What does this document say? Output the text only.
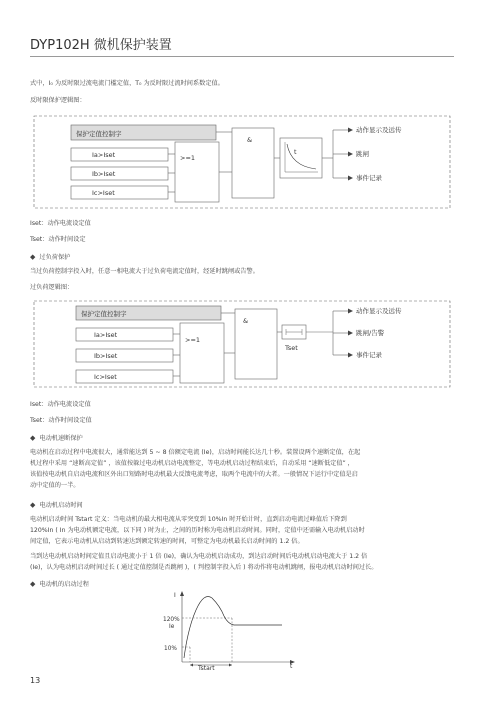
DYP102H 微机保护装置
式中，I₀ 为反时限过流电流门槛定值，T₀ 为反时限过流时间系数定值。
反时限保护逻辑图：
保护定值控制字
Ia>Iset
Ib>Iset
Ic>Iset
>=1
&
t
动作显示及远传
跳闸
事件记录
Iset：动作电流设定值
Tset：动作时间设定
◆ 过负荷保护
当过负荷控制字投入时，任意一相电流大于过负荷电流定值时，经延时跳闸或告警。
过负荷逻辑图：
保护定值控制字
Ia>Iset
Ib>Iset
Ic>Iset
>=1
&
Tset
动作显示及远传
跳闸/告警
事件记录
Iset：动作电流设定值
Tset：动作时间设定值
◆ 电动机速断保护
电动机在启动过程中电流很大，通常能达到 5 ~ 8 倍额定电流 (Ie)，启动时间能长达几十秒。装置设两个速断定值，在起
机过程中采用 “速断高定值” ，该值按躲过电动机启动电流整定，等电动机启动过程结束后，自动采用 “速断低定值” ，
该值按电动机自启动电流和区外出口短路时电动机最大反馈电流考虑，取两个电流中的大者。一般情况下运行中定值是启
动中定值的一半。
◆ 电动机启动时间
电动机启动时间 Tstart 定义：当电动机的最大相电流从零突变到 10%In 时开始计时，直到启动电流过峰值后下降到
120%In ( In 为电动机额定电流，以下同 ) 时为止，之间的历时称为电动机启动时间。同时，定值中还需输入电动机启动时
间定值，它表示电动机从启动到转速达到额定转速的时间，可整定为电动机最长启动时间的 1.2 倍。
当到达电动机启动时间定值且启动电流小于 1 倍 (Ie)，确认为电动机启动成功，到达启动时间后电动机启动电流大于 1.2 倍
(Ie)，认为电动机启动时间过长 ( 通过定值控制是否跳闸 )，( 判控制字投入后 ) 将动作将电动机跳闸，报电动机启动时间过长。
◆ 电动机的启动过程
I
t
120%
Ie
10%
Tstart
13
